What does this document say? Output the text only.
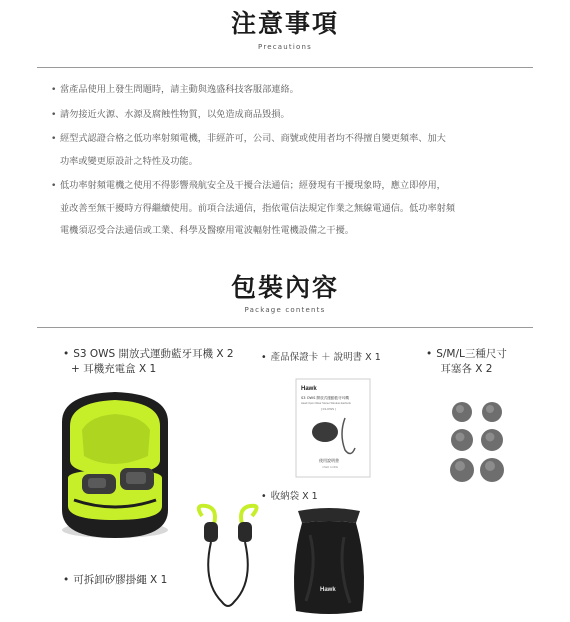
注意事項
Precautions
• 當產品使用上發生問題時，請主動與逸盛科技客服部連絡。
• 請勿接近火源、水源及腐蝕性物質，以免造成商品毀損。
• 經型式認證合格之低功率射頻電機，非經許可，公司、商號或使用者均不得擅自變更頻率、加大
功率或變更原設計之特性及功能。
• 低功率射頻電機之使用不得影響飛航安全及干擾合法通信；經發現有干擾現象時，應立即停用，
並改善至無干擾時方得繼續使用。前項合法通信，指依電信法規定作業之無線電通信。低功率射頻
電機須忍受合法通信或工業、科學及醫療用電波輻射性電機設備之干擾。
包裝內容
Package contents
• S3 OWS 開放式運動藍牙耳機 X 2
+ 耳機充電盒 X 1
• 產品保證卡 ＋ 說明書 X 1	• S/M/L三種尺寸
耳塞各 X 2
• 收納袋 X 1
• 可拆卸矽膠掛繩 X 1
Hawk
S3 OWS 開放式運動藍牙耳機
Hawk Open Wear Stereo Wireless Earbuds
[ 03-OWS ]
使用說明書
USER GUIDE
Hawk
